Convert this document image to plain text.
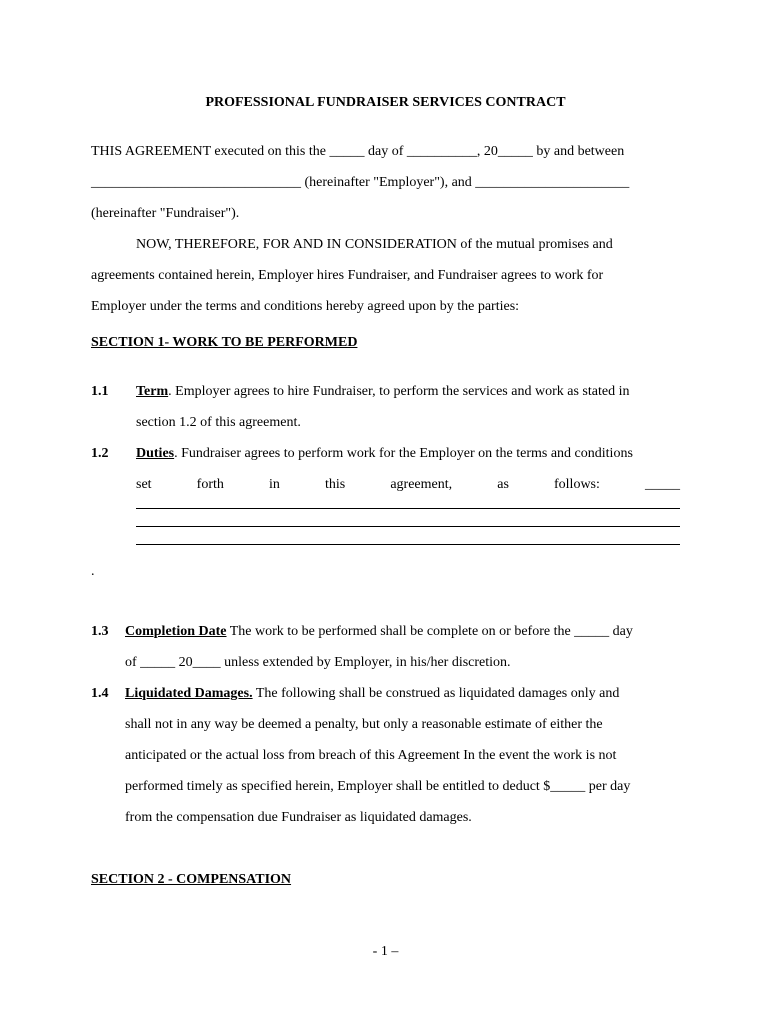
PROFESSIONAL FUNDRAISER SERVICES CONTRACT
THIS AGREEMENT executed on this the _____ day of __________, 20_____ by and between
______________________________ (hereinafter "Employer"), and ______________________
(hereinafter "Fundraiser").
NOW, THEREFORE, FOR AND IN CONSIDERATION of the mutual promises and
agreements contained herein, Employer hires Fundraiser, and Fundraiser agrees to work for
Employer under the terms and conditions hereby agreed upon by the parties:
SECTION 1- WORK TO BE PERFORMED
1.1 Term. Employer agrees to hire Fundraiser, to perform the services and work as stated in
section 1.2 of this agreement.
1.2 Duties. Fundraiser agrees to perform work for the Employer on the terms and conditions
set forth in this agreement, as follows: _____
.
1.3 Completion Date The work to be performed shall be complete on or before the _____ day
of _____ 20____ unless extended by Employer, in his/her discretion.
1.4 Liquidated Damages. The following shall be construed as liquidated damages only and
shall not in any way be deemed a penalty, but only a reasonable estimate of either the
anticipated or the actual loss from breach of this Agreement In the event the work is not
performed timely as specified herein, Employer shall be entitled to deduct $_____ per day
from the compensation due Fundraiser as liquidated damages.
SECTION 2 - COMPENSATION
- 1 –
